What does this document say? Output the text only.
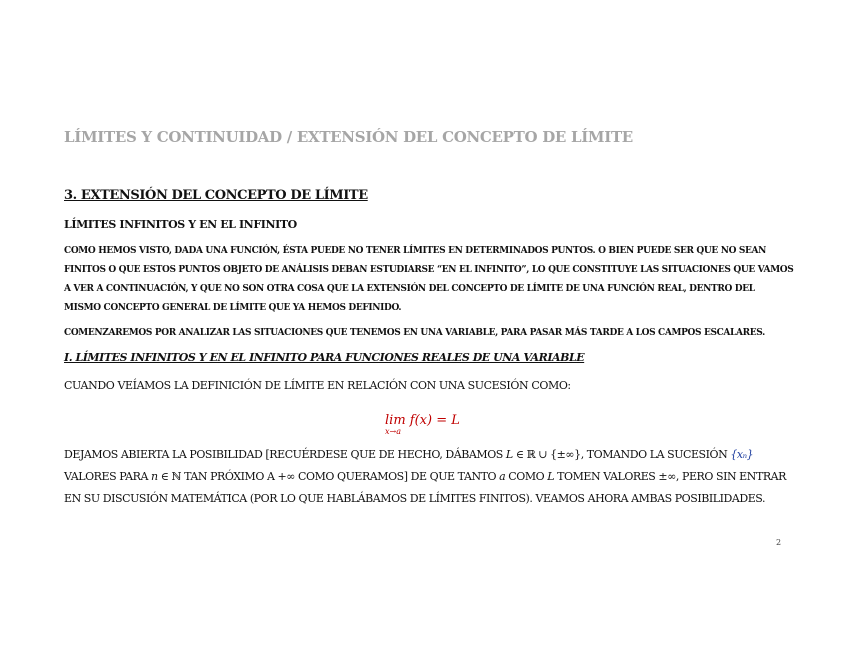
LÍMITES Y CONTINUIDAD / EXTENSIÓN DEL CONCEPTO DE LÍMITE
3. EXTENSIÓN DEL CONCEPTO DE LÍMITE
LÍMITES INFINITOS Y EN EL INFINITO
COMO HEMOS VISTO, DADA UNA FUNCIÓN, ÉSTA PUEDE NO TENER LÍMITES EN DETERMINADOS PUNTOS. O BIEN PUEDE SER QUE NO SEAN FINITOS O QUE ESTOS PUNTOS OBJETO DE ANÁLISIS DEBAN ESTUDIARSE “EN EL INFINITO”, LO QUE CONSTITUYE LAS SITUACIONES QUE VAMOS A VER A CONTINUACIÓN, Y QUE NO SON OTRA COSA QUE LA EXTENSIÓN DEL CONCEPTO DE LÍMITE DE UNA FUNCIÓN REAL, DENTRO DEL MISMO CONCEPTO GENERAL DE LÍMITE QUE YA HEMOS DEFINIDO.
COMENZAREMOS POR ANALIZAR LAS SITUACIONES QUE TENEMOS EN UNA VARIABLE, PARA PASAR MÁS TARDE A LOS CAMPOS ESCALARES.
I. LÍMITES INFINITOS Y EN EL INFINITO PARA FUNCIONES REALES DE UNA VARIABLE
CUANDO VEÍAMOS LA DEFINICIÓN DE LÍMITE EN RELACIÓN CON UNA SUCESIÓN COMO:
lim
x→a
f(x) = L
DEJAMOS ABIERTA LA POSIBILIDAD [RECUÉRDESE QUE DE HECHO, DÁBAMOS L ∈ ℝ ∪ {±∞}, TOMANDO LA SUCESIÓN {xₙ} VALORES PARA n ∈ ℕ TAN PRÓXIMO A +∞ COMO QUERAMOS] DE QUE TANTO a COMO L TOMEN VALORES ±∞, PERO SIN ENTRAR EN SU DISCUSIÓN MATEMÁTICA (POR LO QUE HABLÁBAMOS DE LÍMITES FINITOS). VEAMOS AHORA AMBAS POSIBILIDADES.
2
